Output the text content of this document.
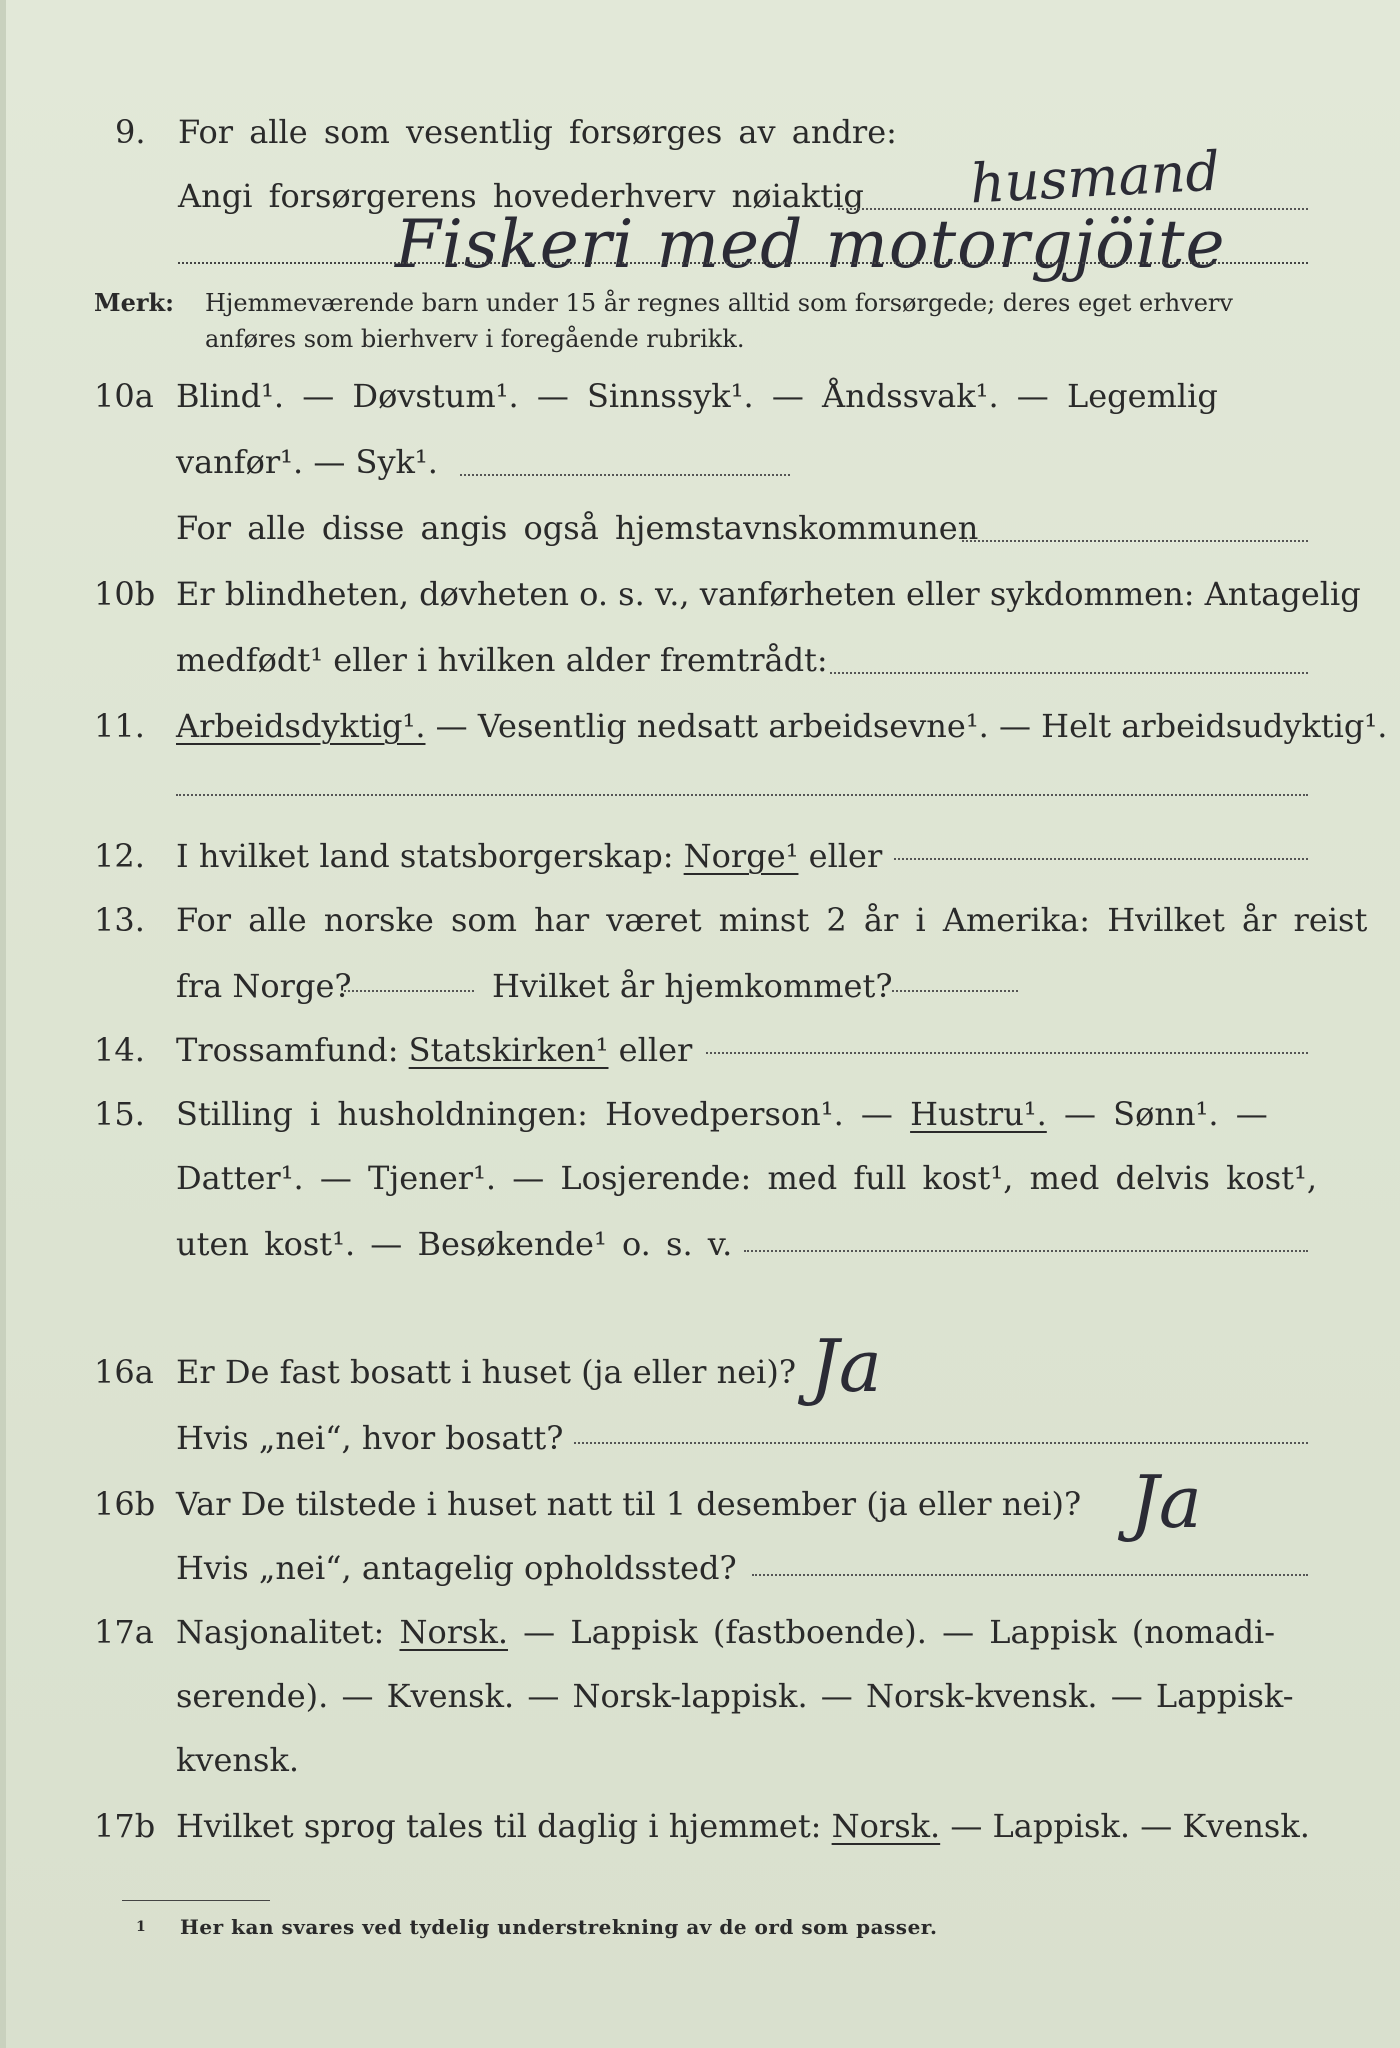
9. For alle som vesentlig forsørges av andre:
Angi forsørgerens hovederhverv nøiaktig husmand
Fiskeri med motorgjöite
Merk: Hjemmeværende barn under 15 år regnes alltid som forsørgede; deres eget erhverv
anføres som bierhverv i foregående rubrikk.
10a Blind¹. — Døvstum¹. — Sinnssyk¹. — Åndssvak¹. — Legemlig
vanfør¹. — Syk¹.
For alle disse angis også hjemstavnskommunen
10b Er blindheten, døvheten o. s. v., vanførheten eller sykdommen: Antagelig
medfødt¹ eller i hvilken alder fremtrådt:
11. Arbeidsdyktig¹. — Vesentlig nedsatt arbeidsevne¹. — Helt arbeidsudyktig¹.
12. I hvilket land statsborgerskap: Norge¹ eller
13. For alle norske som har været minst 2 år i Amerika: Hvilket år reist
fra Norge?	Hvilket år hjemkommet?
14. Trossamfund: Statskirken¹ eller
15. Stilling i husholdningen: Hovedperson¹. — Hustru¹. — Sønn¹. —
Datter¹. — Tjener¹. — Losjerende: med full kost¹, med delvis kost¹,
uten kost¹. — Besøkende¹ o. s. v.
16a Er De fast bosatt i huset (ja eller nei)? Ja
Hvis „nei“, hvor bosatt?
16b Var De tilstede i huset natt til 1 desember (ja eller nei)? Ja
Hvis „nei“, antagelig opholdssted?
17a Nasjonalitet: Norsk. — Lappisk (fastboende). — Lappisk (nomadi-
serende). — Kvensk. — Norsk-lappisk. — Norsk-kvensk. — Lappisk-
kvensk.
17b Hvilket sprog tales til daglig i hjemmet: Norsk. — Lappisk. — Kvensk.
1 Her kan svares ved tydelig understrekning av de ord som passer.
